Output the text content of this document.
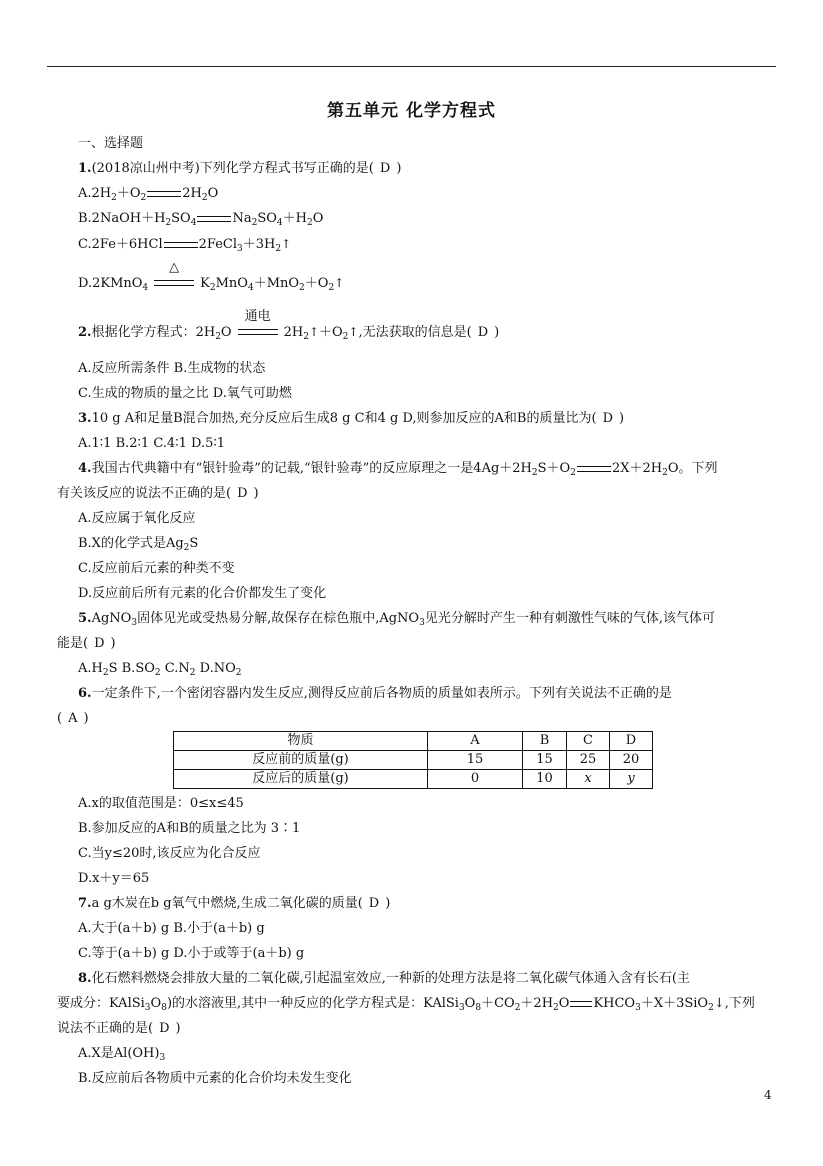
第五单元 化学方程式
一、选择题
1.(2018凉山州中考)下列化学方程式书写正确的是( D )
$A.2H_2+O_2$	$2H_2O$
$B.2NaOH+H_2SO_4$	$Na_2SO_4+H_2O$
C.2Fe＋6HCl	$2FeCl_3+3H_2↑$
D.2KMnO$_4$
△
$K_2MnO_4+MnO_2+O_2↑$
2.根据化学方程式：$2H_2O$
通电
$2H_2↑+O_2↑$,无法获取的信息是( D )
A.反应所需条件 B.生成物的状态
C.生成的物质的量之比 D.氧气可助燃
3.10 g A和足量B混合加热,充分反应后生成8 g C和4 g D,则参加反应的A和B的质量比为( D )
A.1∶1 B.2∶1 C.4∶1 D.5∶1
4.我国古代典籍中有“银针验毒”的记载,“银针验毒”的反应原理之一是$4Ag+2H_2S+O_2$	$2X+2H_2O$。下列
有关该反应的说法不正确的是( D )
A.反应属于氧化反应
B.X的化学式是$Ag_2S$
C.反应前后元素的种类不变
D.反应前后所有元素的化合价都发生了变化
5.AgNO$_3$固体见光或受热易分解,故保存在棕色瓶中,AgNO$_3$见光分解时产生一种有刺激性气味的气体,该气体可
能是( D )
$A.H_2S$ $B.SO_2$ $C.N_2$ $D.NO_2$
6.一定条件下,一个密闭容器内发生反应,测得反应前后各物质的质量如表所示。下列有关说法不正确的是
( A )
物质	A	B	C	D
反应前的质量(g)	15	15	25	20
反应后的质量(g)	0	10	x	y
A.x的取值范围是：0≤x≤45
B.参加反应的A和B的质量之比为 3∶1
C.当y≤20时,该反应为化合反应
D.x＋y＝65
7.a g木炭在b g氧气中燃烧,生成二氧化碳的质量( D )
A.大于(a＋b) g B.小于(a＋b) g
C.等于(a＋b) g D.小于或等于(a＋b) g
8.化石燃料燃烧会排放大量的二氧化碳,引起温室效应,一种新的处理方法是将二氧化碳气体通入含有长石(主
要成分：$KAlSi_3O_8$)的水溶液里,其中一种反应的化学方程式是：$KAlSi_3O_8+CO_2+2H_2O$ $KHCO_3+X+3SiO_2↓$,下列
说法不正确的是( D )
A.X是$Al(OH)_3$
B.反应前后各物质中元素的化合价均未发生变化
4
